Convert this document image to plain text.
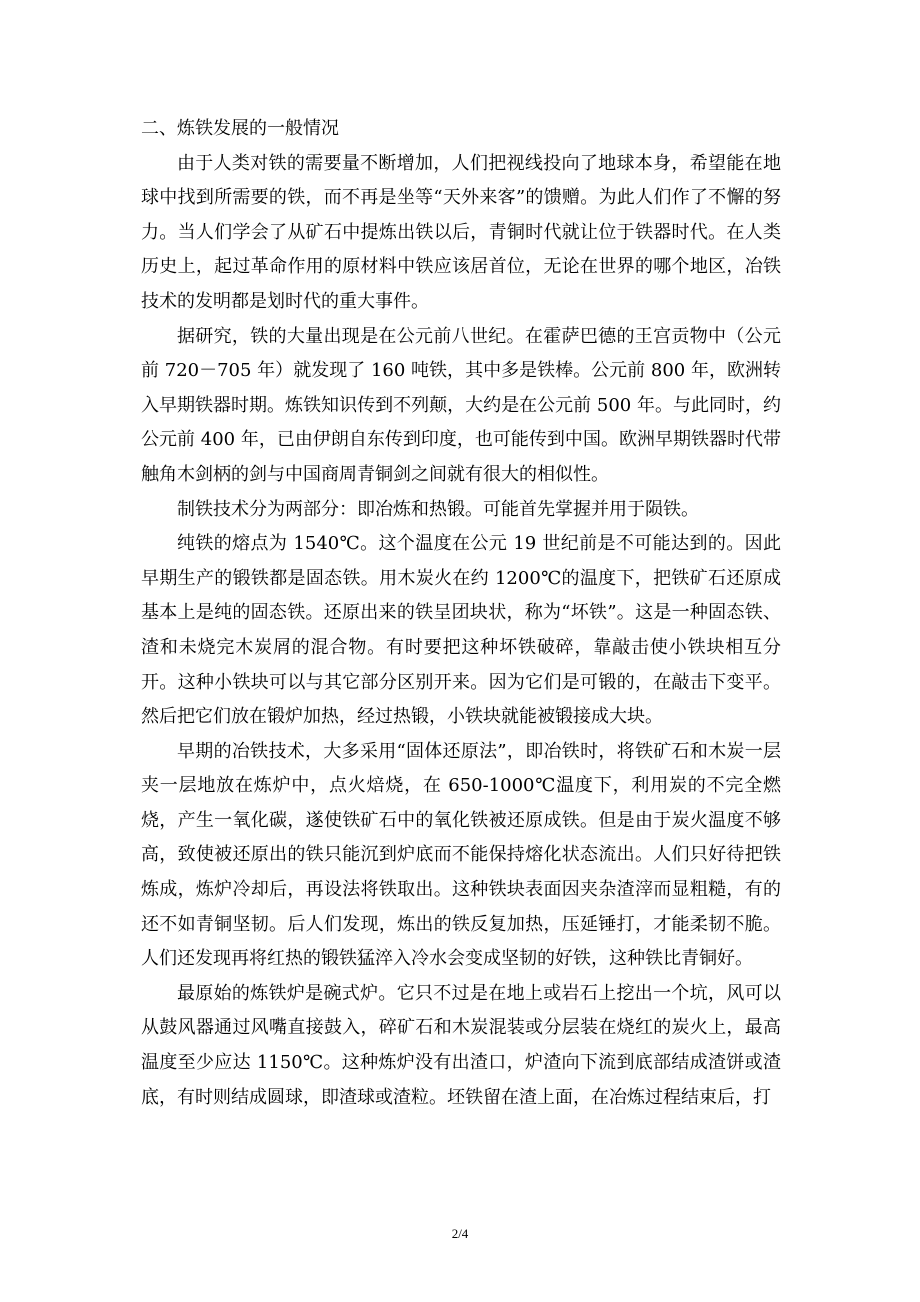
二、炼铁发展的一般情况

由于人类对铁的需要量不断增加，人们把视线投向了地球本身，希望能在地球中找到所需要的铁，而不再是坐等“天外来客”的馈赠。为此人们作了不懈的努力。当人们学会了从矿石中提炼出铁以后，青铜时代就让位于铁器时代。在人类历史上，起过革命作用的原材料中铁应该居首位，无论在世界的哪个地区，冶铁技术的发明都是划时代的重大事件。

据研究，铁的大量出现是在公元前八世纪。在霍萨巴德的王宫贡物中（公元前 720－705 年）就发现了 160 吨铁，其中多是铁棒。公元前 800 年，欧洲转入早期铁器时期。炼铁知识传到不列颠，大约是在公元前 500 年。与此同时，约公元前 400 年，已由伊朗自东传到印度，也可能传到中国。欧洲早期铁器时代带触角木剑柄的剑与中国商周青铜剑之间就有很大的相似性。

制铁技术分为两部分：即冶炼和热锻。可能首先掌握并用于陨铁。

纯铁的熔点为 1540℃。这个温度在公元 19 世纪前是不可能达到的。因此早期生产的锻铁都是固态铁。用木炭火在约 1200℃的温度下，把铁矿石还原成基本上是纯的固态铁。还原出来的铁呈团块状，称为“坏铁”。这是一种固态铁、渣和未烧完木炭屑的混合物。有时要把这种坏铁破碎，靠敲击使小铁块相互分开。这种小铁块可以与其它部分区别开来。因为它们是可锻的，在敲击下变平。然后把它们放在锻炉加热，经过热锻，小铁块就能被锻接成大块。

早期的冶铁技术，大多采用“固体还原法”，即冶铁时，将铁矿石和木炭一层夹一层地放在炼炉中，点火焙烧，在 650-1000℃温度下，利用炭的不完全燃烧，产生一氧化碳，遂使铁矿石中的氧化铁被还原成铁。但是由于炭火温度不够高，致使被还原出的铁只能沉到炉底而不能保持熔化状态流出。人们只好待把铁炼成，炼炉冷却后，再设法将铁取出。这种铁块表面因夹杂渣滓而显粗糙，有的还不如青铜坚韧。后人们发现，炼出的铁反复加热，压延锤打，才能柔韧不脆。人们还发现再将红热的锻铁猛淬入冷水会变成坚韧的好铁，这种铁比青铜好。

最原始的炼铁炉是碗式炉。它只不过是在地上或岩石上挖出一个坑，风可以从鼓风器通过风嘴直接鼓入，碎矿石和木炭混装或分层装在烧红的炭火上，最高温度至少应达 1150℃。这种炼炉没有出渣口，炉渣向下流到底部结成渣饼或渣底，有时则结成圆球，即渣球或渣粒。坯铁留在渣上面，在冶炼过程结束后，打

2/4
